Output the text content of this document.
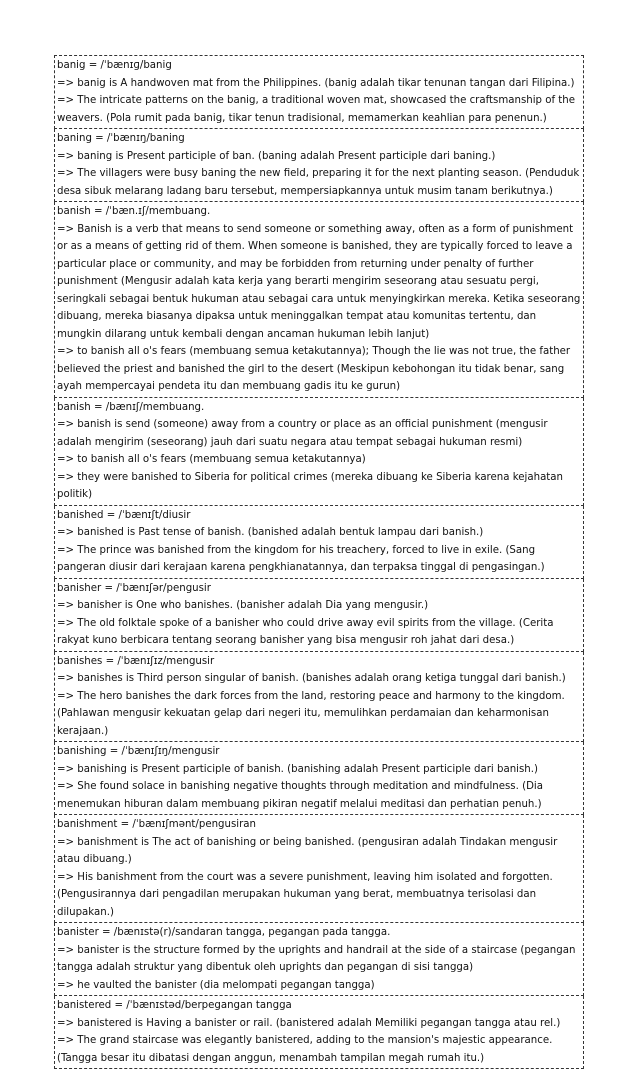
banig = /ˈbænɪɡ/banig
=> banig is A handwoven mat from the Philippines. (banig adalah tikar tenunan tangan dari Filipina.)
=> The intricate patterns on the banig, a traditional woven mat, showcased the craftsmanship of the weavers. (Pola rumit pada banig, tikar tenun tradisional, memamerkan keahlian para penenun.)
baning = /ˈbænɪŋ/baning
=> baning is Present participle of ban. (baning adalah Present participle dari baning.)
=> The villagers were busy baning the new field, preparing it for the next planting season. (Penduduk desa sibuk melarang ladang baru tersebut, mempersiapkannya untuk musim tanam berikutnya.)
banish = /ˈbæn.ɪʃ/membuang.
=> Banish is a verb that means to send someone or something away, often as a form of punishment or as a means of getting rid of them. When someone is banished, they are typically forced to leave a particular place or community, and may be forbidden from returning under penalty of further punishment (Mengusir adalah kata kerja yang berarti mengirim seseorang atau sesuatu pergi, seringkali sebagai bentuk hukuman atau sebagai cara untuk menyingkirkan mereka. Ketika seseorang dibuang, mereka biasanya dipaksa untuk meninggalkan tempat atau komunitas tertentu, dan mungkin dilarang untuk kembali dengan ancaman hukuman lebih lanjut)
=> to banish all o's fears (membuang semua ketakutannya); Though the lie was not true, the father believed the priest and banished the girl to the desert (Meskipun kebohongan itu tidak benar, sang ayah mempercayai pendeta itu dan membuang gadis itu ke gurun)
banish = /bænɪʃ/membuang.
=> banish is send (someone) away from a country or place as an official punishment (mengusir adalah mengirim (seseorang) jauh dari suatu negara atau tempat sebagai hukuman resmi)
=> to banish all o's fears (membuang semua ketakutannya)
=> they were banished to Siberia for political crimes (mereka dibuang ke Siberia karena kejahatan politik)
banished = /ˈbænɪʃt/diusir
=> banished is Past tense of banish. (banished adalah bentuk lampau dari banish.)
=> The prince was banished from the kingdom for his treachery, forced to live in exile. (Sang pangeran diusir dari kerajaan karena pengkhianatannya, dan terpaksa tinggal di pengasingan.)
banisher = /ˈbænɪʃər/pengusir
=> banisher is One who banishes. (banisher adalah Dia yang mengusir.)
=> The old folktale spoke of a banisher who could drive away evil spirits from the village. (Cerita rakyat kuno berbicara tentang seorang banisher yang bisa mengusir roh jahat dari desa.)
banishes = /ˈbænɪʃɪz/mengusir
=> banishes is Third person singular of banish. (banishes adalah orang ketiga tunggal dari banish.)
=> The hero banishes the dark forces from the land, restoring peace and harmony to the kingdom. (Pahlawan mengusir kekuatan gelap dari negeri itu, memulihkan perdamaian dan keharmonisan kerajaan.)
banishing = /ˈbænɪʃɪŋ/mengusir
=> banishing is Present participle of banish. (banishing adalah Present participle dari banish.)
=> She found solace in banishing negative thoughts through meditation and mindfulness. (Dia menemukan hiburan dalam membuang pikiran negatif melalui meditasi dan perhatian penuh.)
banishment = /ˈbænɪʃmənt/pengusiran
=> banishment is The act of banishing or being banished. (pengusiran adalah Tindakan mengusir atau dibuang.)
=> His banishment from the court was a severe punishment, leaving him isolated and forgotten. (Pengusirannya dari pengadilan merupakan hukuman yang berat, membuatnya terisolasi dan dilupakan.)
banister = /bænɪstə(r)/sandaran tangga, pegangan pada tangga.
=> banister is the structure formed by the uprights and handrail at the side of a staircase (pegangan tangga adalah struktur yang dibentuk oleh uprights dan pegangan di sisi tangga)
=> he vaulted the banister (dia melompati pegangan tangga)
banistered = /ˈbænɪstəd/berpegangan tangga
=> banistered is Having a banister or rail. (banistered adalah Memiliki pegangan tangga atau rel.)
=> The grand staircase was elegantly banistered, adding to the mansion's majestic appearance. (Tangga besar itu dibatasi dengan anggun, menambah tampilan megah rumah itu.)
